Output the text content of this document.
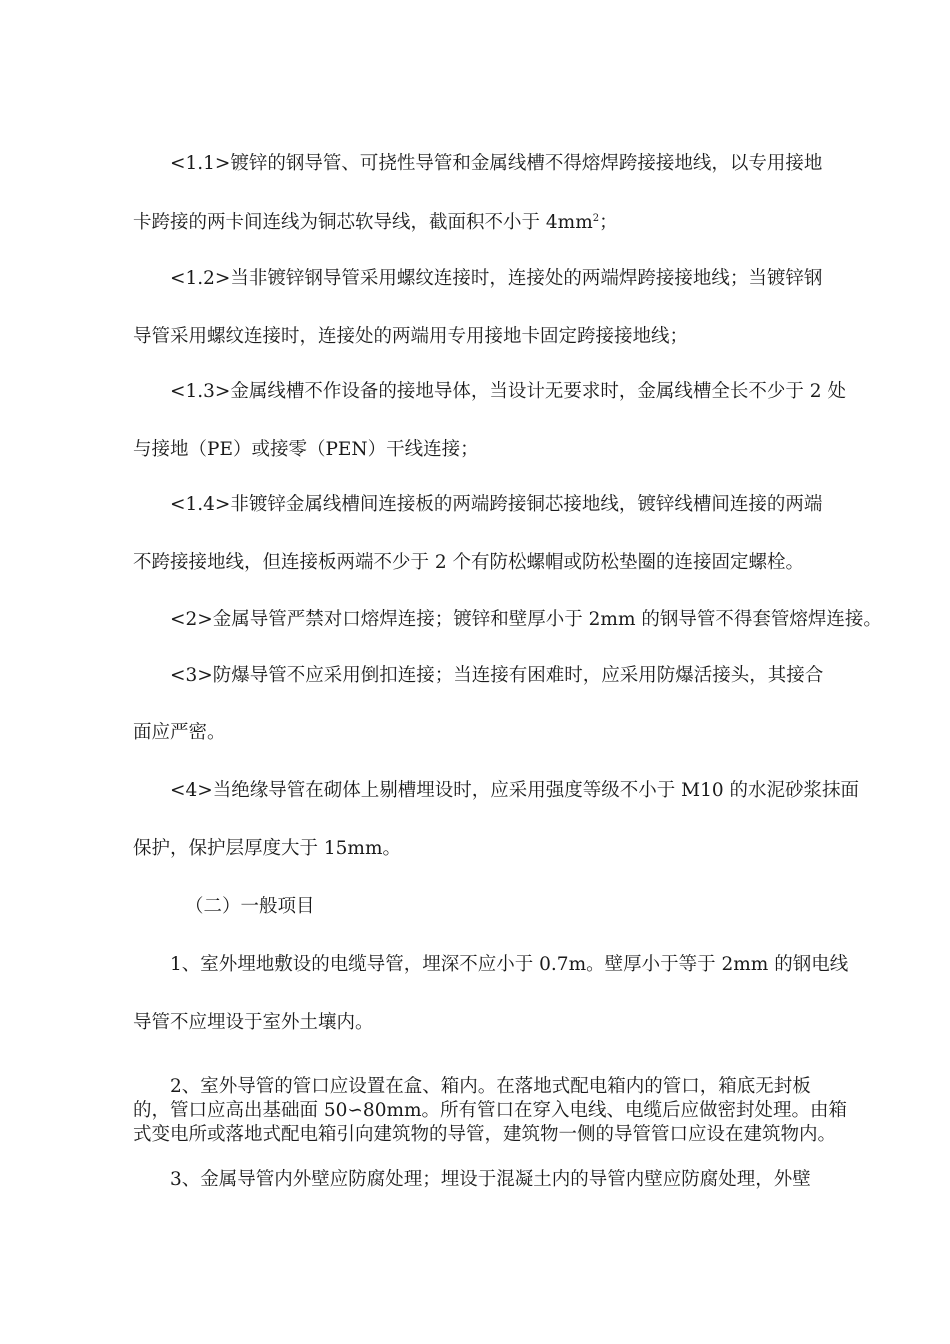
<1.1>镀锌的钢导管、可挠性导管和金属线槽不得熔焊跨接接地线，以专用接地
卡跨接的两卡间连线为铜芯软导线，截面积不小于 $4mm^2$；
<1.2>当非镀锌钢导管采用螺纹连接时，连接处的两端焊跨接接地线；当镀锌钢
导管采用螺纹连接时，连接处的两端用专用接地卡固定跨接接地线；
<1.3>金属线槽不作设备的接地导体，当设计无要求时，金属线槽全长不少于 2 处
与接地（PE）或接零（PEN）干线连接；
<1.4>非镀锌金属线槽间连接板的两端跨接铜芯接地线，镀锌线槽间连接的两端
不跨接接地线，但连接板两端不少于 2 个有防松螺帽或防松垫圈的连接固定螺栓。
<2>金属导管严禁对口熔焊连接；镀锌和壁厚小于 2mm 的钢导管不得套管熔焊连接。
<3>防爆导管不应采用倒扣连接；当连接有困难时，应采用防爆活接头，其接合
面应严密。
<4>当绝缘导管在砌体上剔槽埋设时，应采用强度等级不小于 M10 的水泥砂浆抹面
保护，保护层厚度大于 15mm。
（二）一般项目
1、室外埋地敷设的电缆导管，埋深不应小于 0.7m。壁厚小于等于 2mm 的钢电线
导管不应埋设于室外土壤内。
2、室外导管的管口应设置在盒、箱内。在落地式配电箱内的管口，箱底无封板
的，管口应高出基础面 50∽80mm。所有管口在穿入电线、电缆后应做密封处理。由箱
式变电所或落地式配电箱引向建筑物的导管，建筑物一侧的导管管口应设在建筑物内。
3、金属导管内外壁应防腐处理；埋设于混凝土内的导管内壁应防腐处理，外壁
